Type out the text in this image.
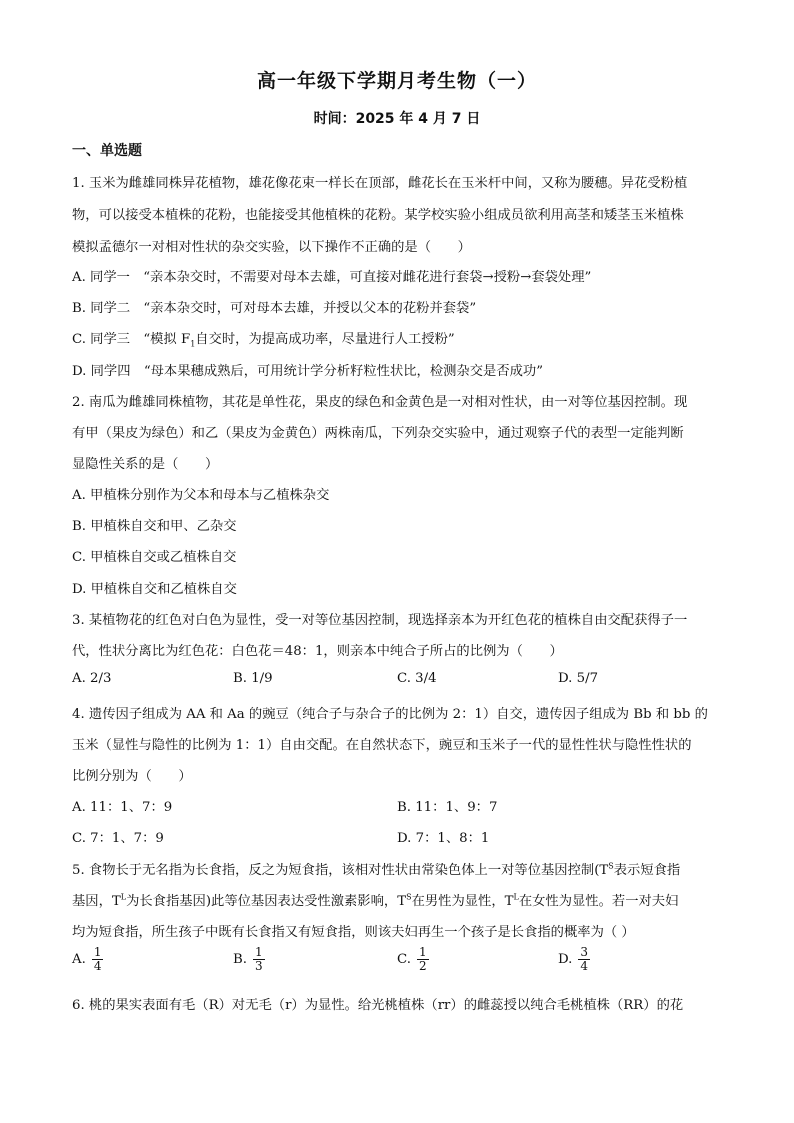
高一年级下学期月考生物（一）
时间：2025 年 4 月 7 日
一、单选题
1. 玉米为雌雄同株异花植物，雄花像花束一样长在顶部，雌花长在玉米杆中间，又称为腰穗。异花受粉植
物，可以接受本植株的花粉，也能接受其他植株的花粉。某学校实验小组成员欲利用高茎和矮茎玉米植株
模拟孟德尔一对相对性状的杂交实验，以下操作不正确的是（　　）
A. 同学一　“亲本杂交时，不需要对母本去雄，可直接对雌花进行套袋→授粉→套袋处理”
B. 同学二　“亲本杂交时，可对母本去雄，并授以父本的花粉并套袋”
C. 同学三　“模拟 $F_1$自交时，为提高成功率，尽量进行人工授粉”
D. 同学四　“母本果穗成熟后，可用统计学分析籽粒性状比，检测杂交是否成功”
2. 南瓜为雌雄同株植物，其花是单性花，果皮的绿色和金黄色是一对相对性状，由一对等位基因控制。现
有甲（果皮为绿色）和乙（果皮为金黄色）两株南瓜，下列杂交实验中，通过观察子代的表型一定能判断
显隐性关系的是（　　）
A. 甲植株分别作为父本和母本与乙植株杂交
B. 甲植株自交和甲、乙杂交
C. 甲植株自交或乙植株自交
D. 甲植株自交和乙植株自交
3. 某植物花的红色对白色为显性，受一对等位基因控制，现选择亲本为开红色花的植株自由交配获得子一
代，性状分离比为红色花：白色花＝48：1，则亲本中纯合子所占的比例为（　　）
A. 2/3	B. 1/9	C. 3/4	D. 5/7
4. 遗传因子组成为 AA 和 Aa 的豌豆（纯合子与杂合子的比例为 2：1）自交，遗传因子组成为 Bb 和 bb 的
玉米（显性与隐性的比例为 1：1）自由交配。在自然状态下，豌豆和玉米子一代的显性性状与隐性性状的
比例分别为（　　）
A. 11：1、7：9	B. 11：1、9：7
C. 7：1、7：9	D. 7：1、8：1
5. 食物长于无名指为长食指，反之为短食指，该相对性状由常染色体上一对等位基因控制($T^S$表示短食指
基因，$T^L$为长食指基因)此等位基因表达受性激素影响，$T^S$在男性为显性，$T^L$在女性为显性。若一对夫妇
均为短食指，所生孩子中既有长食指又有短食指，则该夫妇再生一个孩子是长食指的概率为（ ）
A. $\frac{1}{4}$	B. $\frac{1}{3}$	C. $\frac{1}{2}$	D. $\frac{3}{4}$
6. 桃的果实表面有毛（R）对无毛（r）为显性。给光桃植株（rr）的雌蕊授以纯合毛桃植株（RR）的花
